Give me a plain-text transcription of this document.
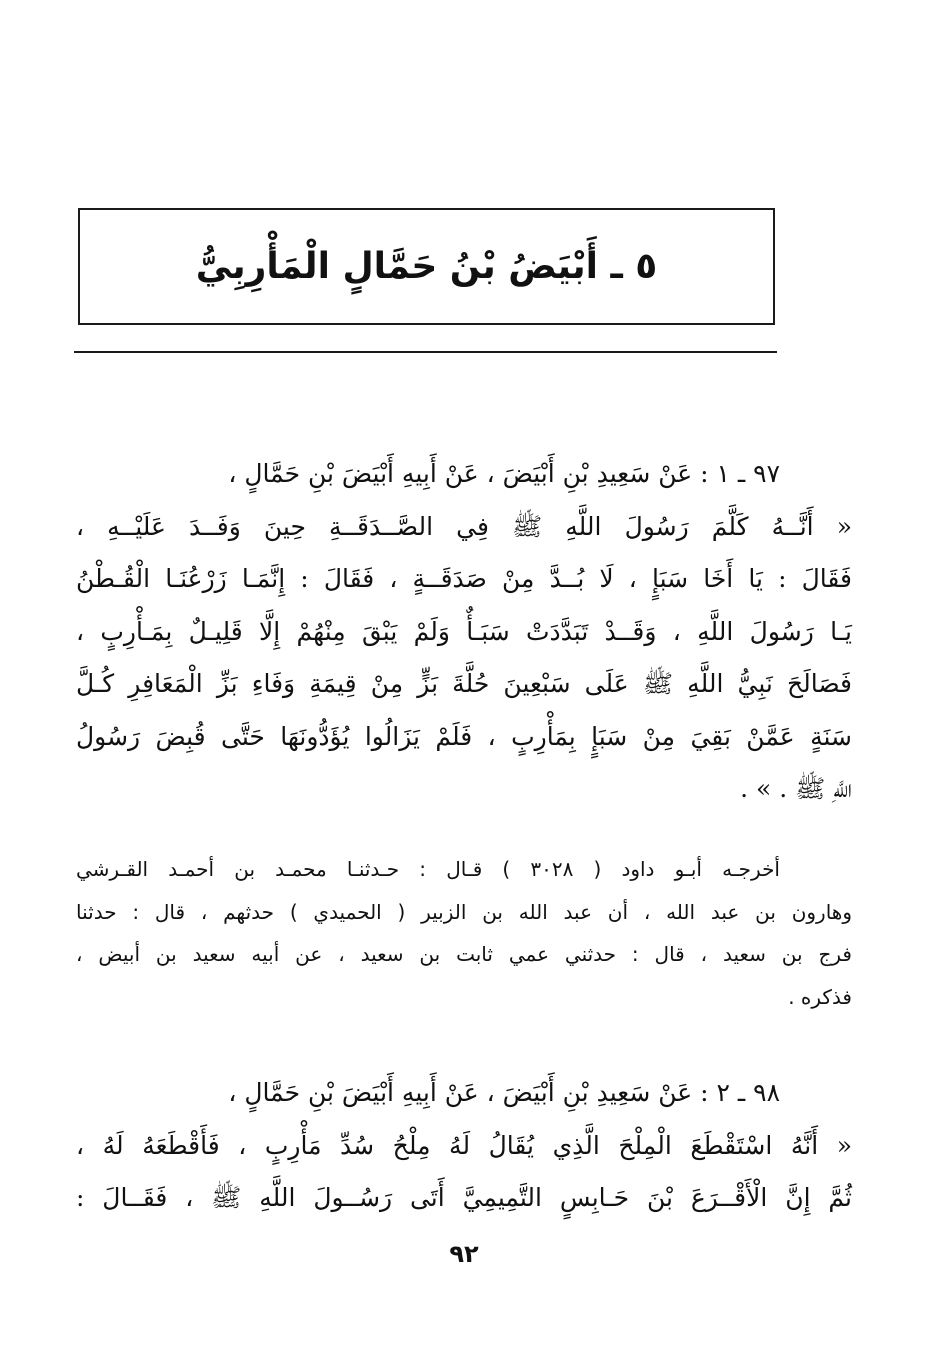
٥ ـ أَبْيَضُ بْنُ حَمَّالٍ الْمَأْرِبِيُّ
٩٧ ـ ١ : عَنْ سَعِيدِ بْنِ أَبْيَضَ ، عَنْ أَبِيهِ أَبْيَضَ بْنِ حَمَّالٍ ،
« أَنَّــهُ كَلَّمَ رَسُولَ اللَّهِ ﷺ فِي الصَّــدَقَــةِ حِينَ وَفَــدَ عَلَيْــهِ ،
فَقَالَ : يَا أَخَا سَبَإٍ ، لَا بُــدَّ مِنْ صَدَقَــةٍ ، فَقَالَ : إِنَّمَـا زَرْعُنَـا الْقُـطْنُ
يَـا رَسُولَ اللَّهِ ، وَقَــدْ تَبَدَّدَتْ سَبَـأٌ وَلَمْ يَبْقَ مِنْهُمْ إِلَّا قَلِيـلٌ بِمَـأْرِبٍ ،
فَصَالَحَ نَبِيُّ اللَّهِ ﷺ عَلَى سَبْعِينَ حُلَّةَ بَزٍّ مِنْ قِيمَةِ وَفَاءِ بَزِّ الْمَعَافِرِ كُـلَّ
سَنَةٍ عَمَّنْ بَقِيَ مِنْ سَبَإٍ بِمَأْرِبٍ ، فَلَمْ يَزَالُوا يُؤَدُّونَهَا حَتَّى قُبِضَ رَسُولُ
اللَّهِ ﷺ . » .
أخرجـه أبـو داود ( ٣٠٢٨ ) قـال : حـدثنـا محمـد بن أحمـد القـرشي
وهارون بن عبد الله ، أن عبد الله بن الزبير ( الحميدي ) حدثهم ، قال : حدثنا
فرج بن سعيد ، قال : حدثني عمي ثابت بن سعيد ، عن أبيه سعيد بن أبيض ،
فذكره .
٩٨ ـ ٢ : عَنْ سَعِيدِ بْنِ أَبْيَضَ ، عَنْ أَبِيهِ أَبْيَضَ بْنِ حَمَّالٍ ،
« أَنَّهُ اسْتَقْطَعَ الْمِلْحَ الَّذِي يُقَالُ لَهُ مِلْحُ سُدِّ مَأْرِبٍ ، فَأَقْطَعَهُ لَهُ ،
ثُمَّ إِنَّ الْأَقْــرَعَ بْنَ حَـابِسٍ التَّمِيمِيَّ أَتَى رَسُــولَ اللَّهِ ﷺ ، فَقَــالَ :
٩٢
